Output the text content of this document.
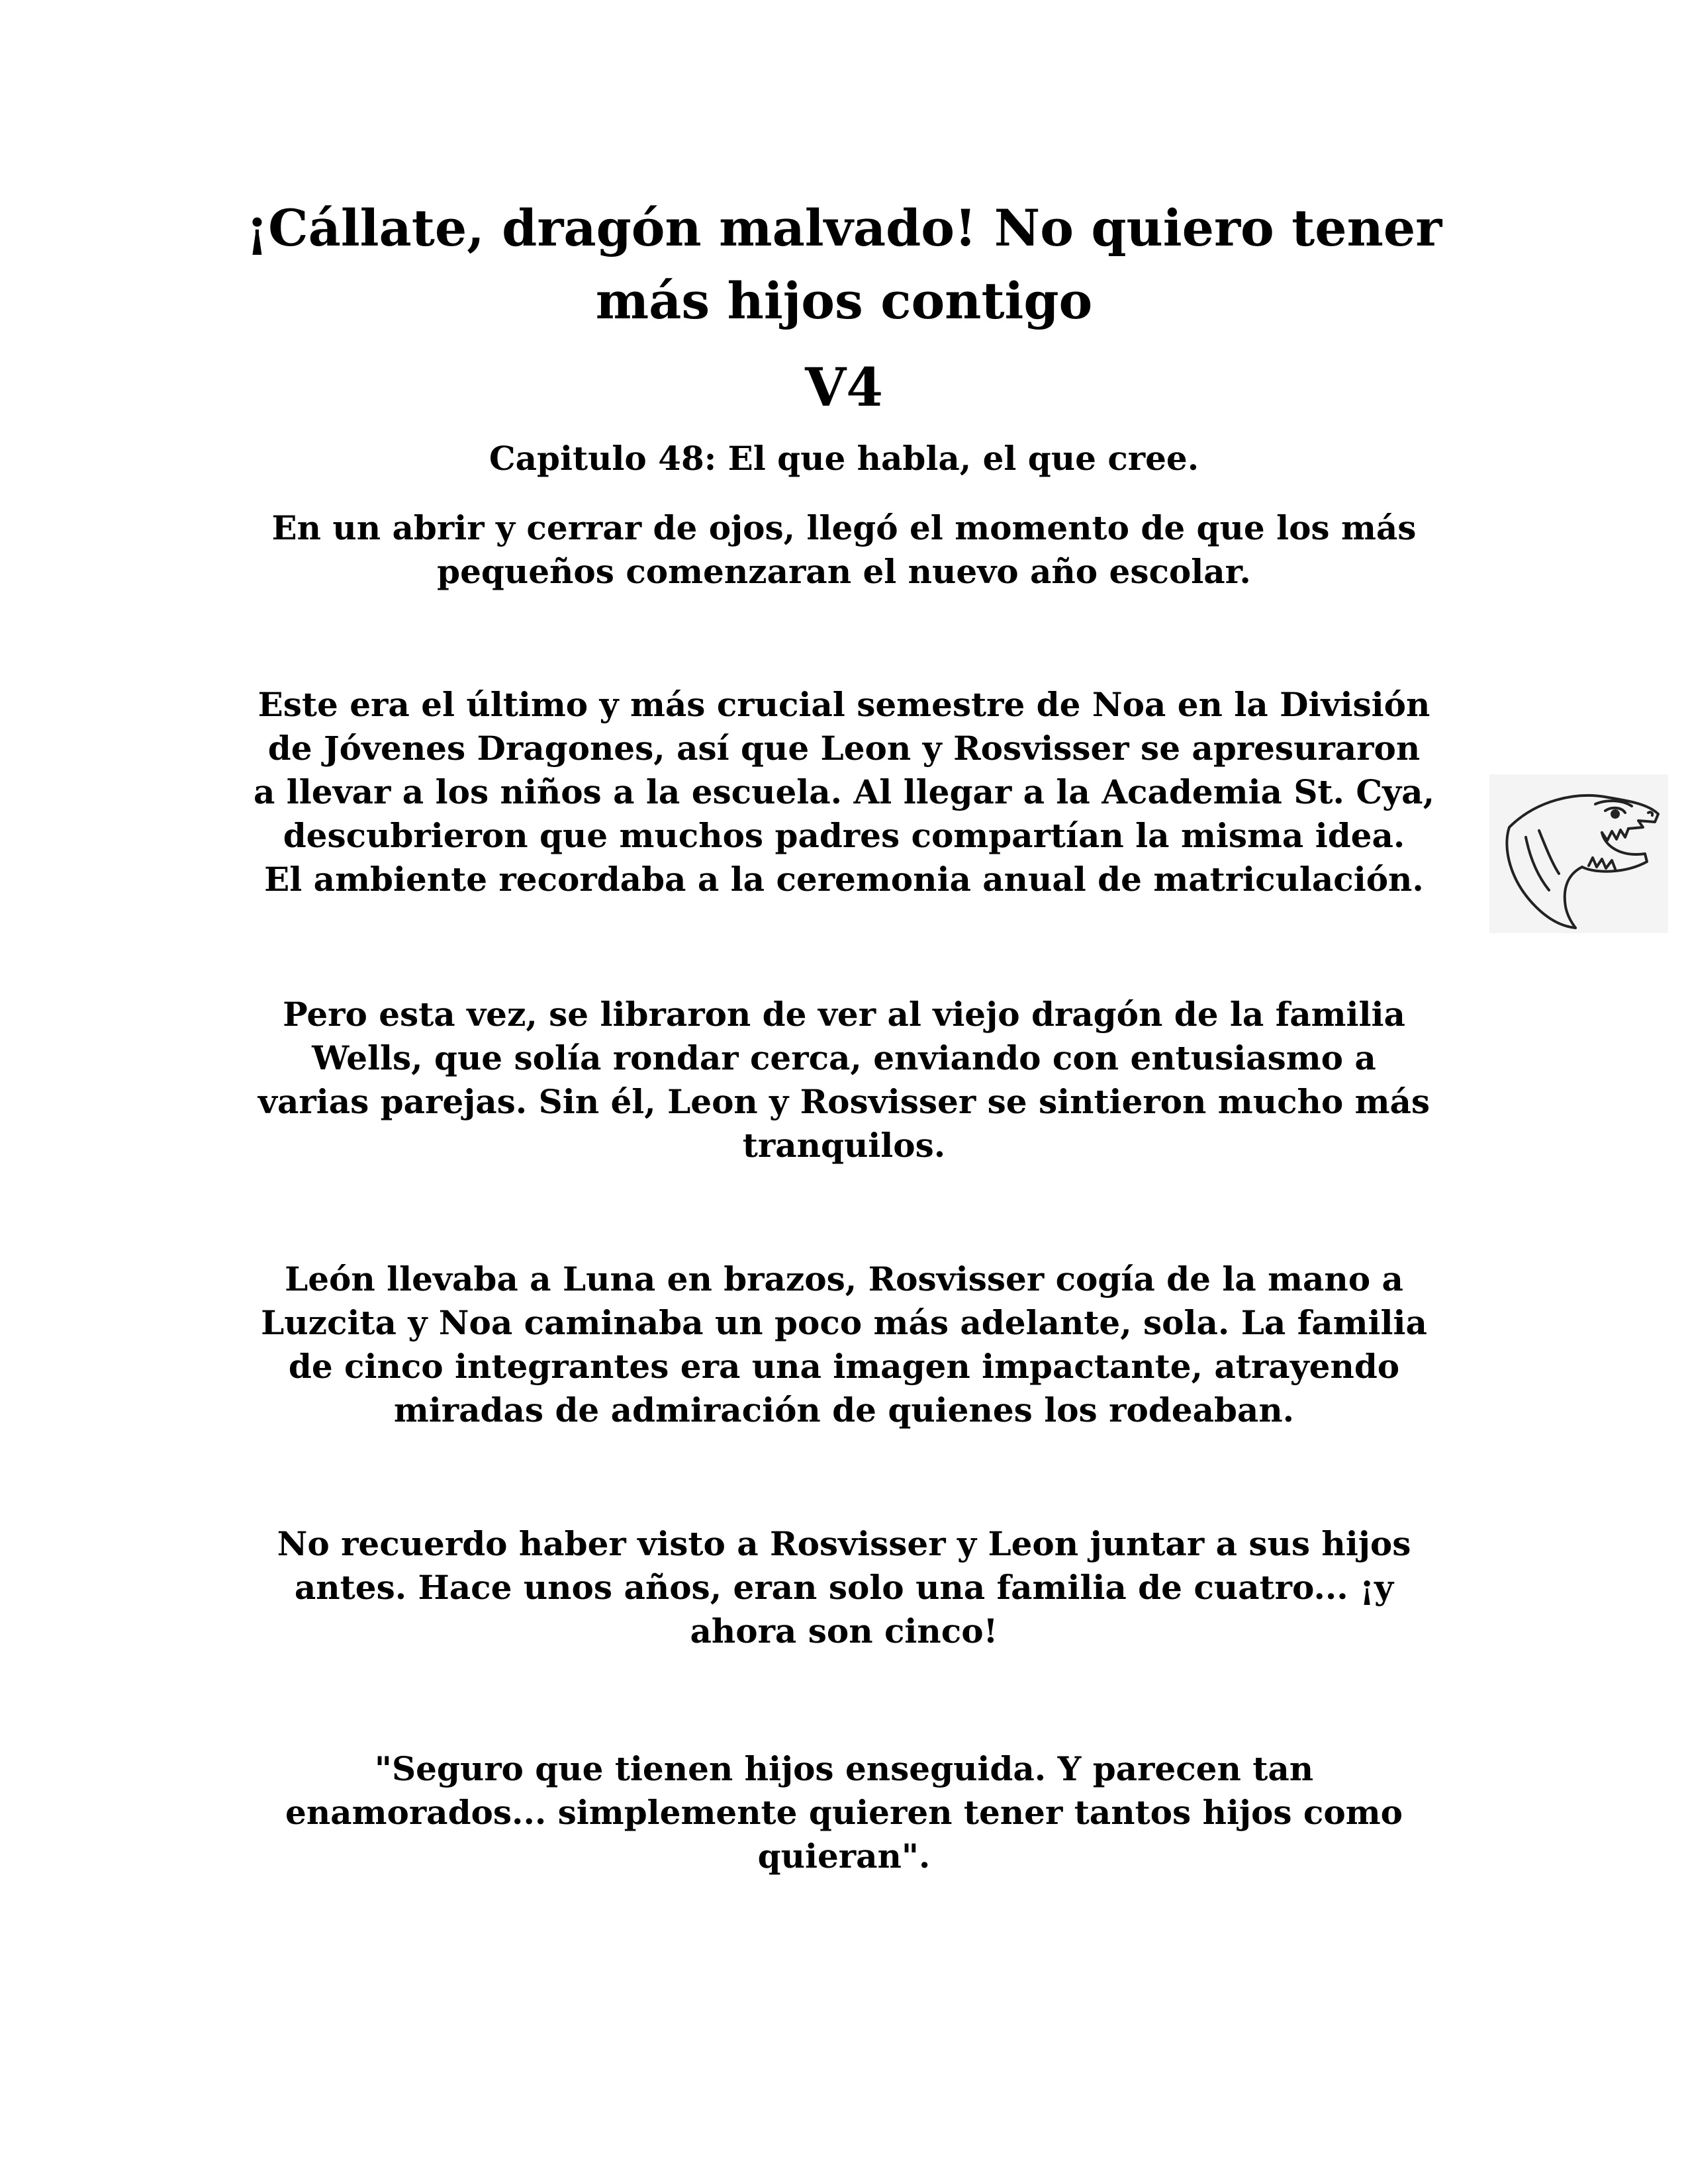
¡Cállate, dragón malvado! No quiero tener
más hijos contigo
V4
Capitulo 48: El que habla, el que cree.

En un abrir y cerrar de ojos, llegó el momento de que los más
pequeños comenzaran el nuevo año escolar.

Este era el último y más crucial semestre de Noa en la División
de Jóvenes Dragones, así que Leon y Rosvisser se apresuraron
a llevar a los niños a la escuela. Al llegar a la Academia St. Cya,
descubrieron que muchos padres compartían la misma idea.
El ambiente recordaba a la ceremonia anual de matriculación.

Pero esta vez, se libraron de ver al viejo dragón de la familia
Wells, que solía rondar cerca, enviando con entusiasmo a
varias parejas. Sin él, Leon y Rosvisser se sintieron mucho más
tranquilos.

León llevaba a Luna en brazos, Rosvisser cogía de la mano a
Luzcita y Noa caminaba un poco más adelante, sola. La familia
de cinco integrantes era una imagen impactante, atrayendo
miradas de admiración de quienes los rodeaban.

No recuerdo haber visto a Rosvisser y Leon juntar a sus hijos
antes. Hace unos años, eran solo una familia de cuatro... ¡y
ahora son cinco!

"Seguro que tienen hijos enseguida. Y parecen tan
enamorados... simplemente quieren tener tantos hijos como
quieran".
